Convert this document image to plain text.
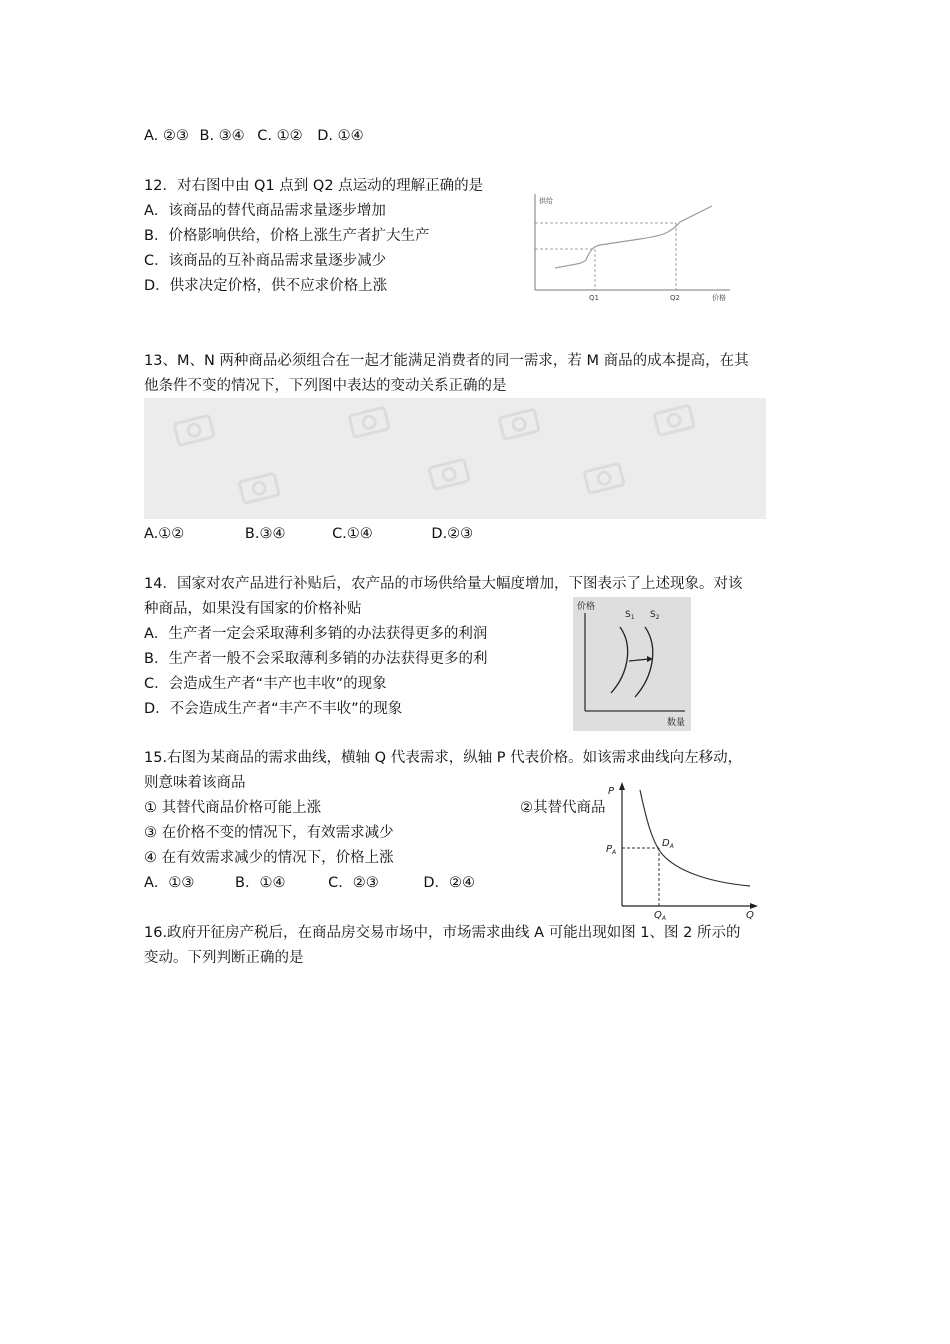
A. ②③ B. ③④ C. ①② D. ①④
12．对右图中由 Q1 点到 Q2 点运动的理解正确的是
A．该商品的替代商品需求量逐步增加
B．价格影响供给，价格上涨生产者扩大生产
C．该商品的互补商品需求量逐步减少
D．供求决定价格，供不应求价格上涨
供给
Q1	Q2	价格
13、M、N 两种商品必须组合在一起才能满足消费者的同一需求，若 M 商品的成本提高，在其
他条件不变的情况下，下列图中表达的变动关系正确的是
A.①②	B.③④	C.①④	D.②③
14．国家对农产品进行补贴后，农产品的市场供给量大幅度增加，下图表示了上述现象。对该
种商品，如果没有国家的价格补贴
A．生产者一定会采取薄利多销的办法获得更多的利润
B．生产者一般不会采取薄利多销的办法获得更多的利
C．会造成生产者“丰产也丰收”的现象
D．不会造成生产者“丰产不丰收”的现象
价格
$S_1$ $S_2$
数量
15.右图为某商品的需求曲线，横轴 Q 代表需求，纵轴 P 代表价格。如该需求曲线向左移动，
则意味着该商品
① 其替代商品价格可能上涨	②其替代商品
③ 在价格不变的情况下，有效需求减少
④ 在有效需求减少的情况下，价格上涨
A．①③	B．①④	C．②③	D．②④
P
$P_A$
$D_A$
$Q_A$	Q
16.政府开征房产税后，在商品房交易市场中，市场需求曲线 A 可能出现如图 1、图 2 所示的
变动。下列判断正确的是
